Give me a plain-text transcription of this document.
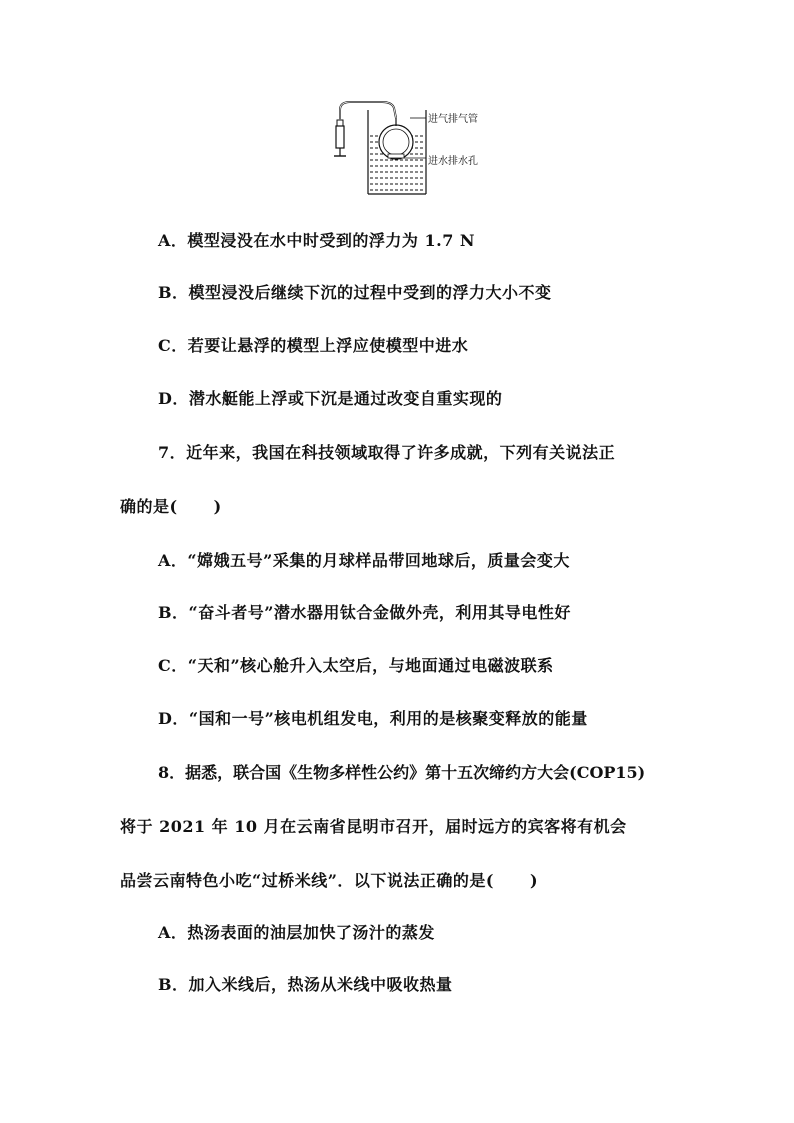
进气排气管
进水排水孔
A．模型浸没在水中时受到的浮力为 1.7 N
B．模型浸没后继续下沉的过程中受到的浮力大小不变
C．若要让悬浮的模型上浮应使模型中进水
D．潜水艇能上浮或下沉是通过改变自重实现的
7．近年来，我国在科技领域取得了许多成就，下列有关说法正
确的是( )
A．“嫦娥五号”采集的月球样品带回地球后，质量会变大
B．“奋斗者号”潜水器用钛合金做外壳，利用其导电性好
C．“天和”核心舱升入太空后，与地面通过电磁波联系
D．“国和一号”核电机组发电，利用的是核聚变释放的能量
8．据悉，联合国《生物多样性公约》第十五次缔约方大会(COP15)
将于 2021 年 10 月在云南省昆明市召开，届时远方的宾客将有机会
品尝云南特色小吃“过桥米线”．以下说法正确的是( )
A．热汤表面的油层加快了汤汁的蒸发
B．加入米线后，热汤从米线中吸收热量
